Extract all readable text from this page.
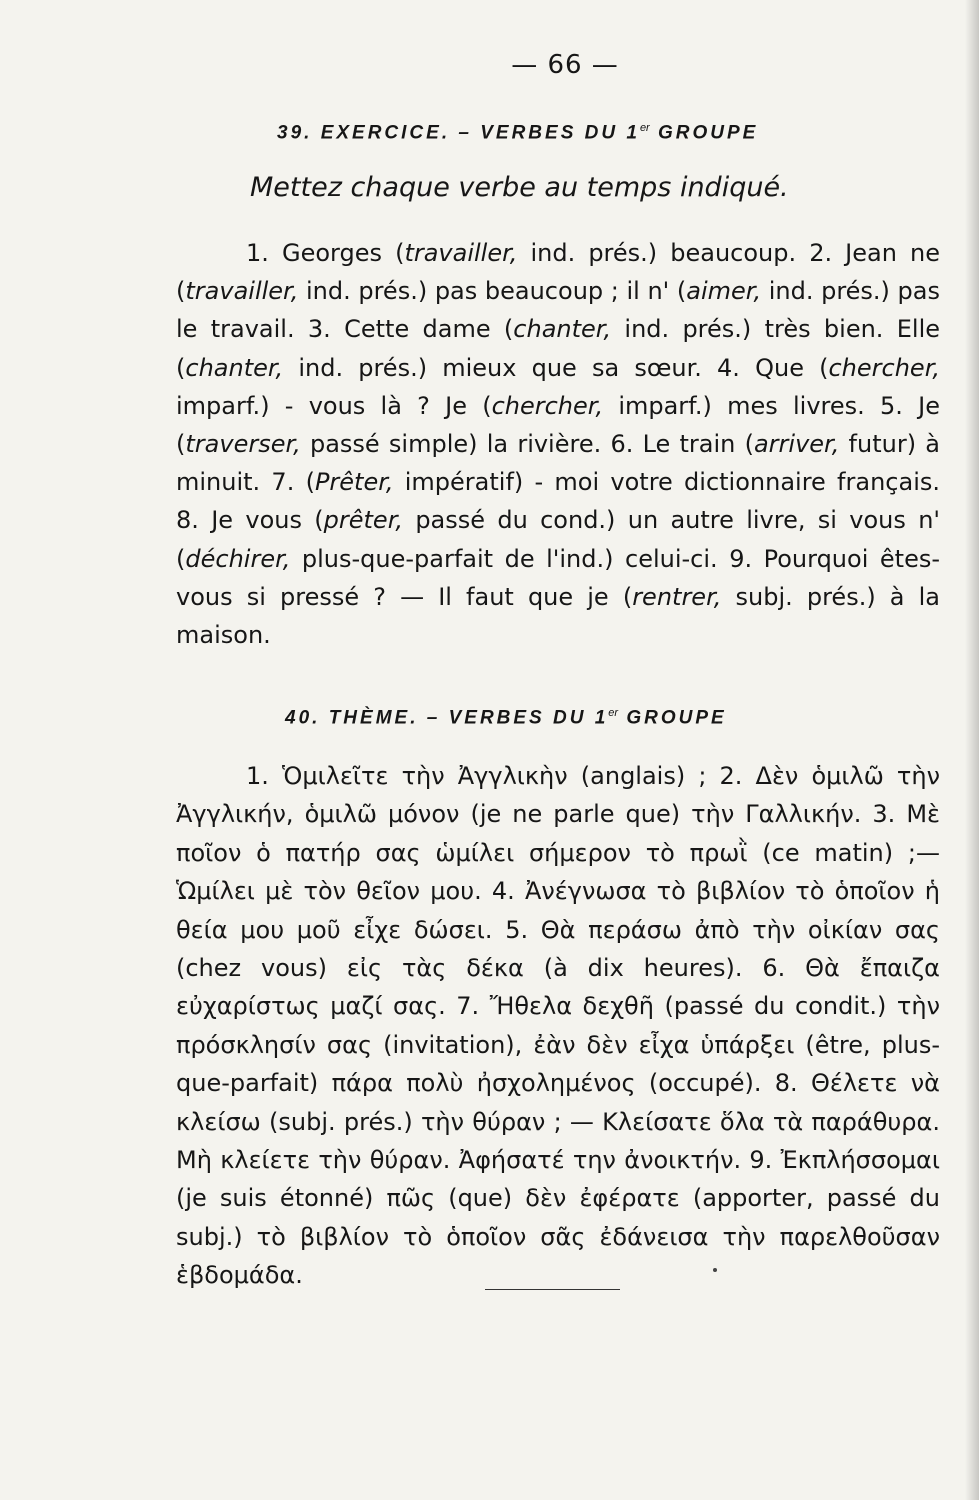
— 66 —
39. EXERCICE. – VERBES DU 1er GROUPE
Mettez chaque verbe au temps indiqué.

1. Georges (travailler, ind. prés.) beaucoup. 2. Jean ne (travailler, ind. prés.) pas beaucoup ; il n' (aimer, ind. prés.) pas le travail. 3. Cette dame (chanter, ind. prés.) très bien. Elle (chanter, ind. prés.) mieux que sa sœur. 4. Que (chercher, imparf.) - vous là ? Je (chercher, imparf.) mes livres. 5. Je (traverser, passé simple) la rivière. 6. Le train (arriver, futur) à minuit. 7. (Prêter, impératif) - moi votre dictionnaire français. 8. Je vous (prêter, passé du cond.) un autre livre, si vous n' (déchirer, plus-que-parfait de l'ind.) celui-ci. 9. Pourquoi êtes-vous si pressé ? — Il faut que je (rentrer, subj. prés.) à la maison.

40. THÈME. – VERBES DU 1er GROUPE

1. Ὁμιλεῖτε τὴν Ἀγγλικὴν (anglais) ; 2. Δὲν ὁμιλῶ τὴν Ἀγγλικήν, ὁμιλῶ μόνον (je ne parle que) τὴν Γαλλικήν. 3. Μὲ ποῖον ὁ πατήρ σας ὡμίλει σήμερον τὸ πρωῒ (ce matin) ;— Ὡμίλει μὲ τὸν θεῖον μου. 4. Ἀνέγνωσα τὸ βιβλίον τὸ ὁποῖον ἡ θεία μου μοῦ εἶχε δώσει. 5. Θὰ περάσω ἀπὸ τὴν οἰκίαν σας (chez vous) εἰς τὰς δέκα (à dix heures). 6. Θὰ ἔπαιζα εὐχαρίστως μαζί σας. 7. Ἤθελα δεχθῆ (passé du condit.) τὴν πρόσκλησίν σας (invitation), ἐὰν δὲν εἶχα ὑπάρξει (être, plus-que-parfait) πάρα πολὺ ἠσχολημένος (occupé). 8. Θέλετε νὰ κλείσω (subj. prés.) τὴν θύραν ; — Κλείσατε ὅλα τὰ παράθυρα. Μὴ κλείετε τὴν θύραν. Ἀφήσατέ την ἀνοικτήν. 9. Ἐκπλήσσομαι (je suis étonné) πῶς (que) δὲν ἐφέρατε (apporter, passé du subj.) τὸ βιβλίον τὸ ὁποῖον σᾶς ἐδάνεισα τὴν παρελθοῦσαν ἑβδομάδα.
